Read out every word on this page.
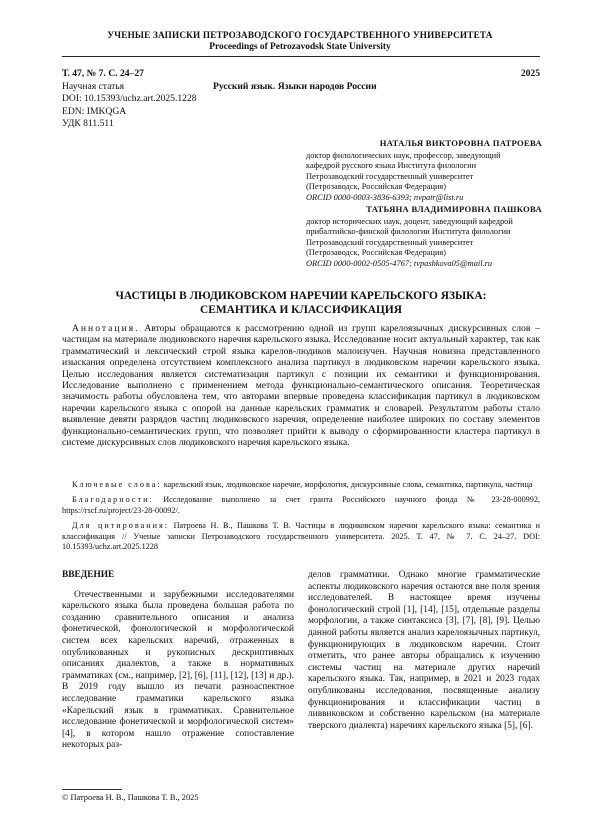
УЧЕНЫЕ ЗАПИСКИ ПЕТРОЗАВОДСКОГО ГОСУДАРСТВЕННОГО УНИВЕРСИТЕТА
Proceedings of Petrozavodsk State University
Т. 47, № 7. С. 24–27
Научная статья
DOI: 10.15393/uchz.art.2025.1228
EDN: IMKQGA
УДК 811.511
Русский язык. Языки народов России
2025
НАТАЛЬЯ ВИКТОРОВНА ПАТРОЕВА
доктор филологических наук, профессор, заведующий
кафедрой русского языка Института филологии
Петрозаводский государственный университет
(Петрозаводск, Российская Федерация)
ORCID 0000-0003-3836-6393; nvpatr@list.ru
ТАТЬЯНА ВЛАДИМИРОВНА ПАШКОВА
доктор исторических наук, доцент, заведующий кафедрой
прибалтийско-финской филологии Института филологии
Петрозаводский государственный университет
(Петрозаводск, Российская Федерация)
ORCID 0000-0002-0505-4767; tvpashkova05@mail.ru
ЧАСТИЦЫ В ЛЮДИКОВСКОМ НАРЕЧИИ КАРЕЛЬСКОГО ЯЗЫКА:
СЕМАНТИКА И КЛАССИФИКАЦИЯ

Аннотация. Авторы обращаются к рассмотрению одной из групп карелоязычных дискурсивных слов – частицам на материале людиковского наречия карельского языка. Исследование носит актуальный характер, так как грамматический и лексический строй языка карелов-людиков малоизучен. Научная новизна представленного изыскания определена отсутствием комплексного анализа партикул в людиковском наречии карельского языка. Целью исследования является систематизация партикул с позиции их семантики и функционирования. Исследование выполнено с применением метода функционально-семантического описания. Теоретическая значимость работы обусловлена тем, что авторами впервые проведена классификация партикул в людиковском наречии карельского языка с опорой на данные карельских грамматик и словарей. Результатом работы стало выявление девяти разрядов частиц людиковского наречия, определение наиболее широких по составу элементов функционально-семантических групп, что позволяет прийти к выводу о сформированности кластера партикул в системе дискурсивных слов людиковского наречия карельского языка.

Ключевые слова: карельский язык, людиковское наречие, морфология, дискурсивные слова, семантика, партикула, частица

Благодарности: Исследование выполнено за счет гранта Российского научного фонда № 23-28-000992, https://rscf.ru/project/23-28-00092/.

Для цитирования: Патроева Н. В., Пашкова Т. В. Частицы в людиковском наречии карельского языка: семантика и классификация // Ученые записки Петрозаводского государственного университета. 2025. Т. 47, № 7. С. 24–27. DOI: 10.15393/uchz.art.2025.1228

ВВЕДЕНИЕ

Отечественными и зарубежными исследователями карельского языка была проведена большая работа по созданию сравнительного описания и анализа фонетической, фонологической и морфологической систем всех карельских наречий, отраженных в опубликованных и рукописных дескриптивных описаниях диалектов, а также в нормативных грамматиках (см., например, [2], [6], [11], [12], [13] и др.). В 2019 году вышло из печати разноаспектное исследование грамматики карельского языка «Карельский язык в грамматиках. Сравнительное исследование фонетической и морфологической систем» [4], в котором нашло отражение сопоставление некоторых раз-

делов грамматики. Однако многие грамматические аспекты людиковского наречия остаются вне поля зрения исследователей. В настоящее время изучены фонологический строй [1], [14], [15], отдельные разделы морфологии, а также синтаксиса [3], [7], [8], [9]. Целью данной работы является анализ карелоязычных партикул, функционирующих в людиковском наречии. Стоит отметить, что ранее авторы обращались к изучению системы частиц на материале других наречий карельского языка. Так, например, в 2021 и 2023 годах опубликованы исследования, посвященные анализу функционирования и классификации частиц в ливвиковском и собственно карельском (на материале тверского диалекта) наречиях карельского языка [5], [6].

© Патроева Н. В., Пашкова Т. В., 2025
